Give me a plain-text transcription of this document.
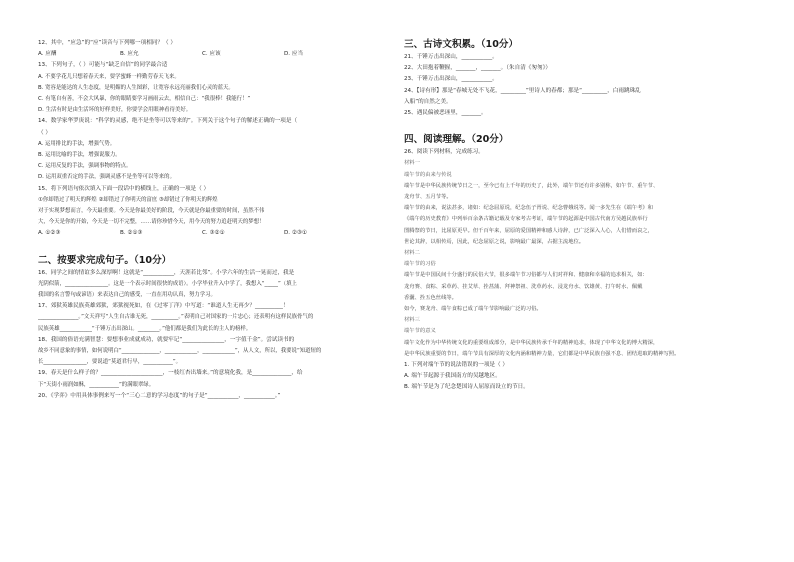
12、其中，“应急”的“应”读音与下列哪一项相同？（ ）
A. 应酬	B. 应允	C. 应该	D. 应当
13、下列句子，（ ）可能与“缺乏自信”的同学最合适
A. 不要学花儿只想着春天来，要学蜜蜂一样勤劳春天飞来。
B. 宽容是能达的人生态度，是明媚的人生图彩，让宽容永远亮丽我们心灵的蓝天。
C. 有笔自有善，不会大风暴，你的眼睛要学习画雨云去，相信自己：“我很棒！我能行！”
D. 生活有时是由生活坏的好样美好，你要学会用眼神看待美好。
14、数学家华罗庚说：“科学的灵感，绝不是坐等可以等来的”。下列关于这个句子的解述正确的一项是（
（ ）
A. 运用排比的手法，增强气势。
B. 运用比喻的手法，增强说服力。
C. 运用反复的手法，强调事物的特点。
D. 运用双重否定的手法，强调灵感不是坐等可以等来的。
15、将下列语句依次填入下面一段话中的横线上，正确的一项是（ ）
①你却错过了明天的辉煌 ②却错过了你明天的富庶 ③却错过了你明天的辉煌
对于实现梦想而言，今天最重要。今天是你最美好的阶段，今天就是你最重要的时间，虽然不伟
大，今天是你的开始，今天是一切不完整，……请你珍惜今天，用今天的努力追赶明天的梦想！
A. ①②③	B. ②①③	C. ③②①	D. ②③①
二、按要求完成句子。（10分）
16、同学之间的情谊多么深厚啊！这就是“___________，天涯若比邻”。小学六年的生活一晃而过，我是
光阴似箭，________________。这是一个表示时间很快的成语）。小学毕业升入中学了，我想入“_____”（填上
我国的名言警句或谚语）来表达自己的感受，一直在用功认真，努力学习。
17、郊狱英雄民族英雄郊狱，郊狱视死如，在《过零丁洋》中写道：“谁道人生无再少？__________！
_______________。”文天祥写“人生自古谁无死，__________。”表明自己对国家的一片忠心；还表明有这样民族骨气的
民族英雄____________“千锤万击出深山。________。”他们都是我们为此长的主人的榜样。
18、我国的俗语充满智慧：要想事业成就成功，就要牢记“_______________，一字值千金”。尝试读书的
故乡不同意象的事情，如何说明白“______________，____________，____________”，从人文，所以，我要说“知道短的
长________________，要说道“莫道君行早，___________”。
19、春天是什么样子的？______________________，一枝红杏出墙来。”的意境化我，是______________，给
下“天街小雨润如酥，___________”的满眼翠绿。
20、《学弈》中用具体事例来写一个“三心二意的学习态度”的句子是“___________，___________。”
三、古诗文积累。（10分）
21、千锤万击出深山，___________。
22、大田抱着鞭握，_______，_______。（朱自清《匆匆》）
23、千锤万击出深山，___________。
24、【诗有形】那是“春城无处不飞花，_________”里诗人的春都；那是“_________，白雨跳珠乱
入船”的自然之美。
25、遇民偏被恶诬里，_______。
四、阅读理解。（20分）
26、阅读下列材料，完成练习。
材料一
端午节的由来与传说
端午节是中华民族传统节日之一，至今已有上千年的历史了，此外，端午节还有许多别称，如午节、重午节、
龙舟节、五月节等。
端午节的由来，说法甚多，诸如：纪念屈原说，纪念伍子胥说、纪念曹娥说等。闻一多先生在《端午考》和
《端午的历史教育》中列举百余条古籍记载及专家考古考证，端午节的起源是中国古代南方吴越民族举行
图腾祭的节日，比屈原更早。但千百年来，屈原的爱国精神和感人诗辞，已广泛深入人心，人们惜而哀之，
世论其辞，以相传焉，因此，纪念屈原之说，影响最广最深，占据主流地位。
材料二
端午节的习俗
端午节是中国民间十分盛行的民俗大节，很多端午节习俗都与人们对祥和、健康和幸福的追求相关，如：
龙舟赛、食粽、采草药、挂艾草、拴菖蒲、拜神祭祖、洗草药水、浸龙舟水、饮雄黄、打午时水、佩戴
香囊、拴五色丝线等。
如今，赛龙舟、端午食粽已成了端午节影响最广泛的习俗。
材料三
端午节的意义
端午文化作为中华传统文化的重要组成部分，是中华民族传承千年的精神追求，体现了中华文化的博大精深，
是中华民族重要的节日，端午节具有深厚的文化内涵和精神力量，它们都是中华民族自强不息、团结进取的精神写照。
1. 下列对端午节的说法错误的一项是（ ）
A. 端午节起源于我国南方的吴越地区。
B. 端午节是为了纪念楚国诗人屈原而设立的节日。
